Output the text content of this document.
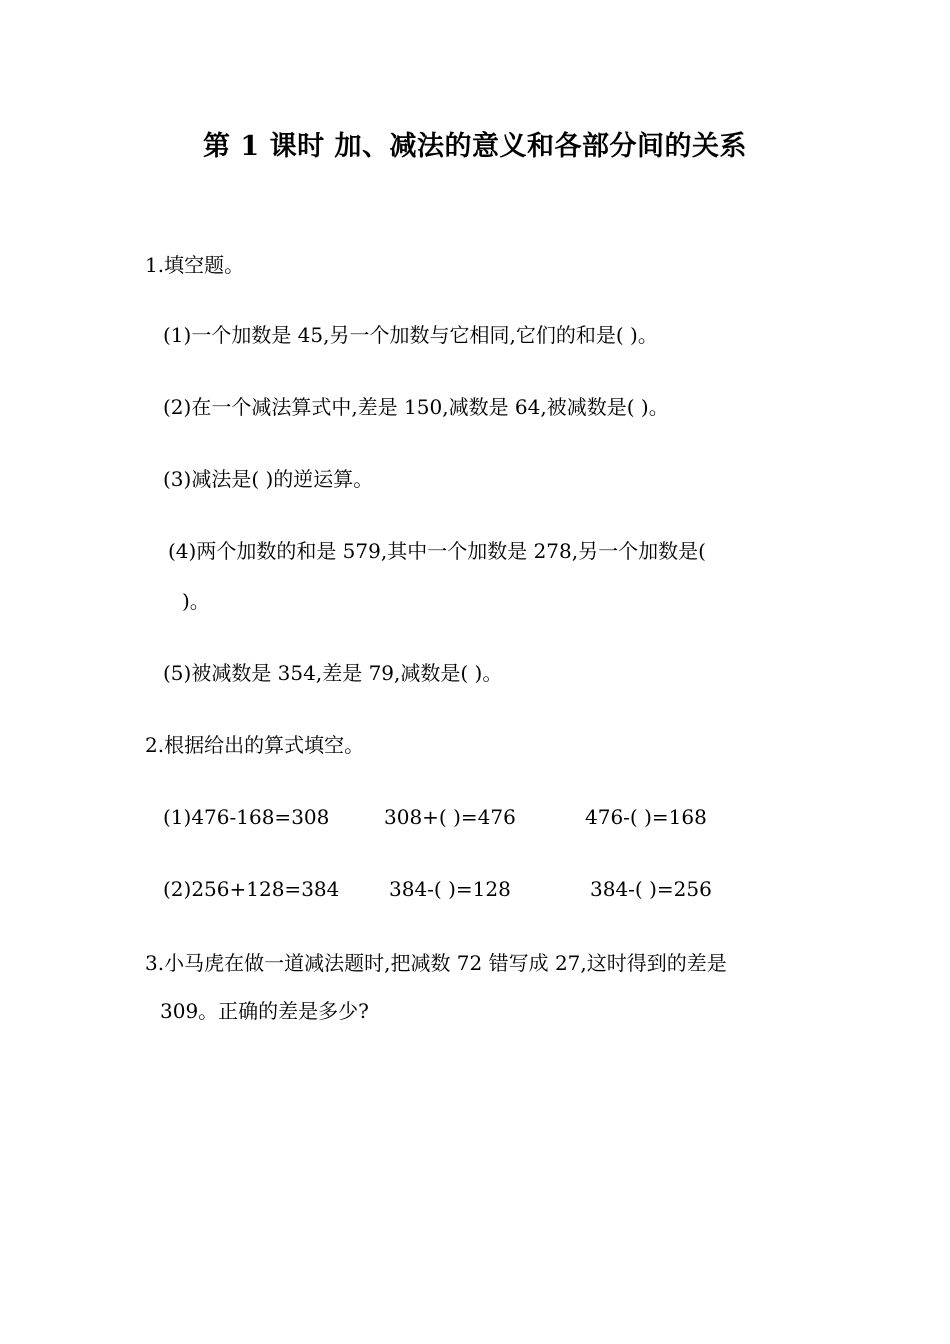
第 1 课时 加、减法的意义和各部分间的关系
1.填空题。
(1)一个加数是 45,另一个加数与它相同,它们的和是( )。
(2)在一个减法算式中,差是 150,减数是 64,被减数是( )。
(3)减法是( )的逆运算。
(4)两个加数的和是 579,其中一个加数是 278,另一个加数是(
)。
(5)被减数是 354,差是 79,减数是( )。
2.根据给出的算式填空。
(1)476-168=308	308+( )=476	476-( )=168
(2)256+128=384 384-( )=128	384-( )=256
3.小马虎在做一道减法题时,把减数 72 错写成 27,这时得到的差是
309。正确的差是多少?
